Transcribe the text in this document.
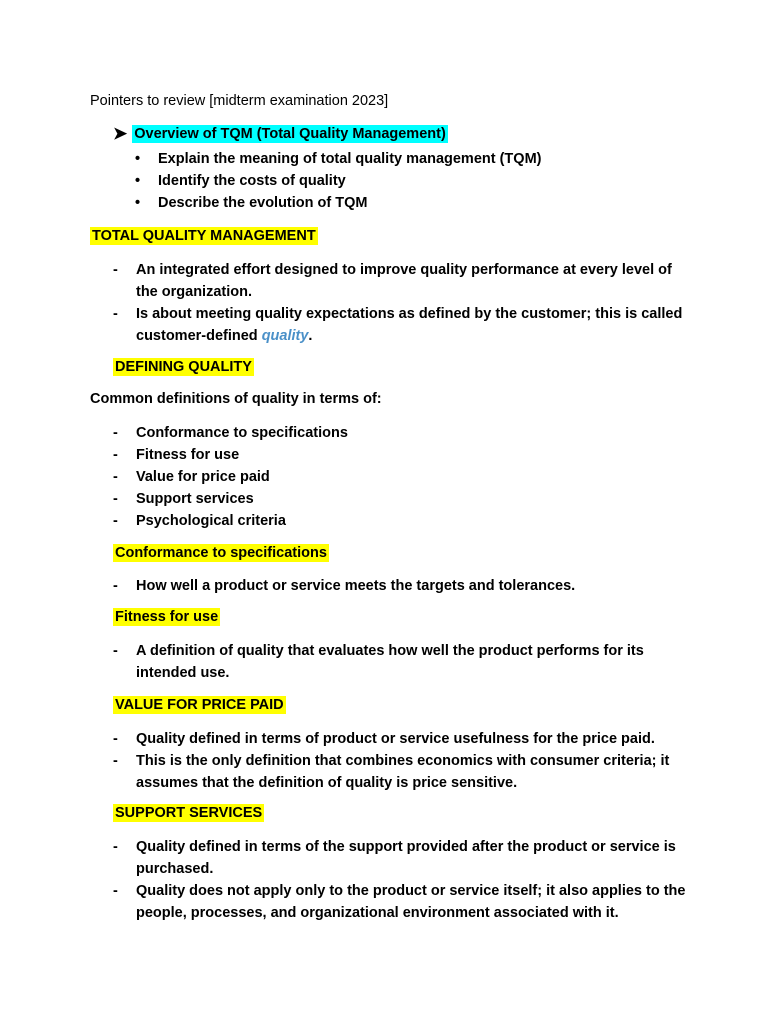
Pointers to review [midterm examination 2023]
➤ Overview of TQM (Total Quality Management)
• Explain the meaning of total quality management (TQM)
• Identify the costs of quality
• Describe the evolution of TQM
TOTAL QUALITY MANAGEMENT
- An integrated effort designed to improve quality performance at every level of
the organization.
- Is about meeting quality expectations as defined by the customer; this is called
customer-defined quality.
DEFINING QUALITY
Common definitions of quality in terms of:
- Conformance to specifications
- Fitness for use
- Value for price paid
- Support services
- Psychological criteria
Conformance to specifications
- How well a product or service meets the targets and tolerances.
Fitness for use
- A definition of quality that evaluates how well the product performs for its
intended use.
VALUE FOR PRICE PAID
- Quality defined in terms of product or service usefulness for the price paid.
- This is the only definition that combines economics with consumer criteria; it
assumes that the definition of quality is price sensitive.
SUPPORT SERVICES
- Quality defined in terms of the support provided after the product or service is
purchased.
- Quality does not apply only to the product or service itself; it also applies to the
people, processes, and organizational environment associated with it.
